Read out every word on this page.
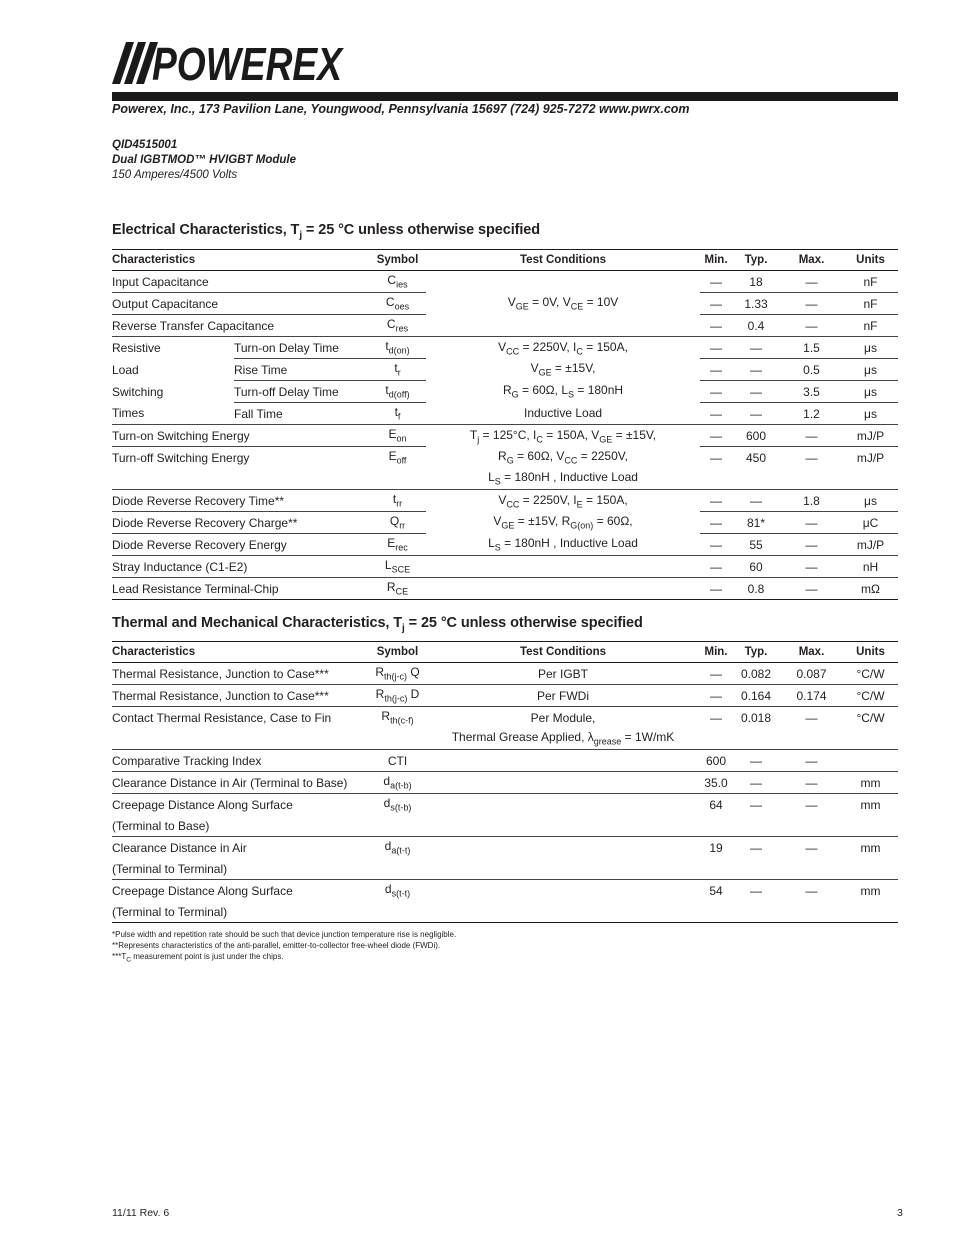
POWEREX
Powerex, Inc., 173 Pavilion Lane, Youngwood, Pennsylvania 15697 (724) 925-7272 www.pwrx.com
QID4515001
Dual IGBTMOD™ HVIGBT Module
150 Amperes/4500 Volts
Electrical Characteristics, $T_j = 25$ °C unless otherwise specified
Characteristics		Symbol	Test Conditions	Min.	Typ.	Max.	Units
Input Capacitance		$C_{ies}$	$V_{GE} = 0V$, $V_{CE} = 10V$	—	18	—	nF
Output Capacitance		$C_{oes}$		—	1.33	—	nF
Reverse Transfer Capacitance		$C_{res}$		—	0.4	—	nF
Resistive	Turn-on Delay Time	$t_{d(on)}$	$V_{CC} = 2250V$, $I_C = 150A$,	—	—	1.5	μs
Load	Rise Time	$t_r$	$V_{GE} = \pm 15V$,	—	—	0.5	μs
Switching	Turn-off Delay Time	$t_{d(off)}$	$R_G = 60\Omega$, $L_S = 180nH$	—	—	3.5	μs
Times	Fall Time	$t_f$	Inductive Load	—	—	1.2	μs
Turn-on Switching Energy		$E_{on}$	$T_j = 125^\circ C$, $I_C = 150A$, $V_{GE} = \pm 15V$,	—	600	—	mJ/P
Turn-off Switching Energy		$E_{off}$	$R_G = 60\Omega$, $V_{CC} = 2250V$,	—	450	—	mJ/P
			$L_S = 180nH$ , Inductive Load				
Diode Reverse Recovery Time**		$t_{rr}$	$V_{CC} = 2250V$, $I_E = 150A$,	—	—	1.8	μs
Diode Reverse Recovery Charge**		$Q_{rr}$	$V_{GE} = \pm 15V$, $R_{G(on)} = 60\Omega$,	—	81*	—	μC
Diode Reverse Recovery Energy		$E_{rec}$	$L_S = 180nH$ , Inductive Load	—	55	—	mJ/P
Stray Inductance (C1-E2)		$L_{SCE}$		—	60	—	nH
Lead Resistance Terminal-Chip		$R_{CE}$		—	0.8	—	mΩ
Thermal and Mechanical Characteristics, $T_j = 25$ °C unless otherwise specified
Characteristics	Symbol	Test Conditions	Min.	Typ.	Max.	Units
Thermal Resistance, Junction to Case***	$R_{th(j-c)}$ Q	Per IGBT	—	0.082	0.087	°C/W
Thermal Resistance, Junction to Case***	$R_{th(j-c)}$ D	Per FWDi	—	0.164	0.174	°C/W
Contact Thermal Resistance, Case to Fin	$R_{th(c-f)}$	Per Module,	—	0.018	—	°C/W
		Thermal Grease Applied, $\lambda_{grease} = 1W/mK$				
Comparative Tracking Index	CTI		600	—	—	
Clearance Distance in Air (Terminal to Base)	$d_{a(t-b)}$		35.0	—	—	mm
Creepage Distance Along Surface	$d_{s(t-b)}$		64	—	—	mm
(Terminal to Base)						
Clearance Distance in Air	$d_{a(t-t)}$		19	—	—	mm
(Terminal to Terminal)						
Creepage Distance Along Surface	$d_{s(t-t)}$		54	—	—	mm
(Terminal to Terminal)						
*Pulse width and repetition rate should be such that device junction temperature rise is negligible.
**Represents characteristics of the anti-parallel, emitter-to-collector free-wheel diode (FWDi).
$***T_C$ measurement point is just under the chips.
11/11 Rev. 6	3
